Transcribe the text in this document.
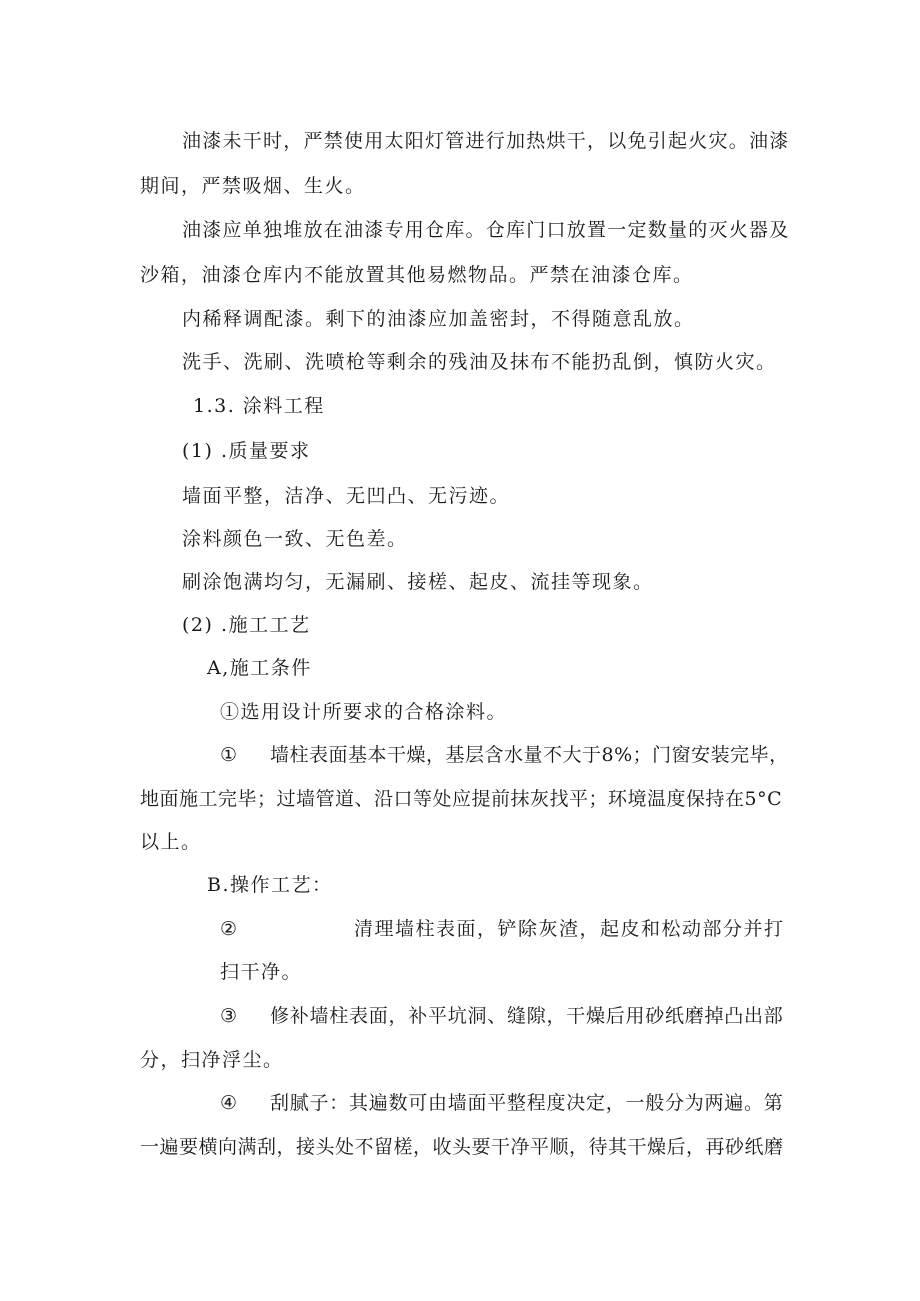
油漆未干时，严禁使用太阳灯管进行加热烘干，以免引起火灾。油漆
期间，严禁吸烟、生火。
油漆应单独堆放在油漆专用仓库。仓库门口放置一定数量的灭火器及
沙箱，油漆仓库内不能放置其他易燃物品。严禁在油漆仓库。
内稀释调配漆。剩下的油漆应加盖密封，不得随意乱放。
洗手、洗刷、洗喷枪等剩余的残油及抹布不能扔乱倒，慎防火灾。
1.3. 涂料工程
(1) .质量要求
墙面平整，洁净、无凹凸、无污迹。
涂料颜色一致、无色差。
刷涂饱满均匀，无漏刷、接槎、起皮、流挂等现象。
(2) .施工工艺
A,施工条件
①选用设计所要求的合格涂料。
① 墙柱表面基本干燥，基层含水量不大于8%；门窗安装完毕，
地面施工完毕；过墙管道、沿口等处应提前抹灰找平；环境温度保持在5°C
以上。
B.操作工艺：
②	清理墙柱表面，铲除灰渣，起皮和松动部分并打
扫干净。
③ 修补墙柱表面，补平坑洞、缝隙，干燥后用砂纸磨掉凸出部
分，扫净浮尘。
④ 刮腻子：其遍数可由墙面平整程度决定，一般分为两遍。第
一遍要横向满刮，接头处不留槎，收头要干净平顺，待其干燥后，再砂纸磨
